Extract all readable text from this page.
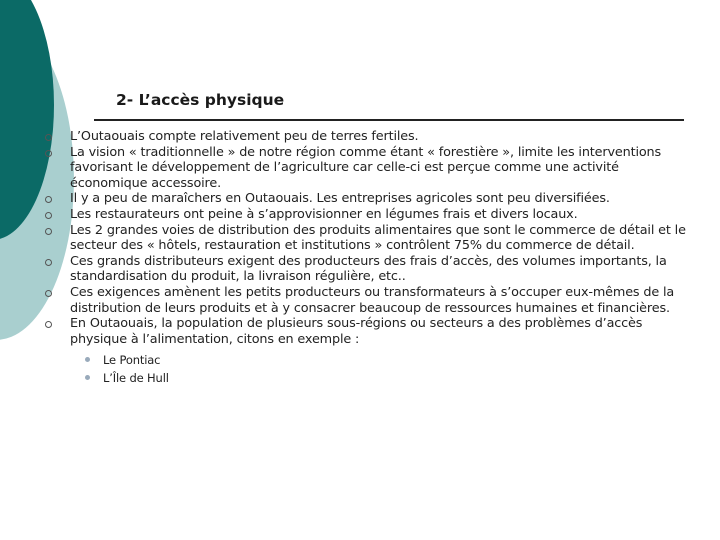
2- L’accès physique
L’Outaouais compte relativement peu de terres fertiles.
La vision « traditionnelle » de notre région comme étant « forestière », limite les interventions favorisant le développement de l’agriculture car celle-ci est perçue comme une activité économique accessoire.
Il y a peu de maraîchers en Outaouais. Les entreprises agricoles sont peu diversifiées.
Les restaurateurs ont peine à s’approvisionner en légumes frais et divers locaux.
Les 2 grandes voies de distribution des produits alimentaires que sont le commerce de détail et le secteur des « hôtels, restauration et institutions » contrôlent 75% du commerce de détail.
Ces grands distributeurs exigent des producteurs des frais d’accès, des volumes importants, la standardisation du produit, la livraison régulière, etc..
Ces exigences amènent les petits producteurs ou transformateurs à s’occuper eux-mêmes de la distribution de leurs produits et à y consacrer beaucoup de ressources humaines et financières.
En Outaouais, la population de plusieurs sous-régions ou secteurs a des problèmes d’accès physique à l’alimentation, citons en exemple :
Le Pontiac
L’Île de Hull
